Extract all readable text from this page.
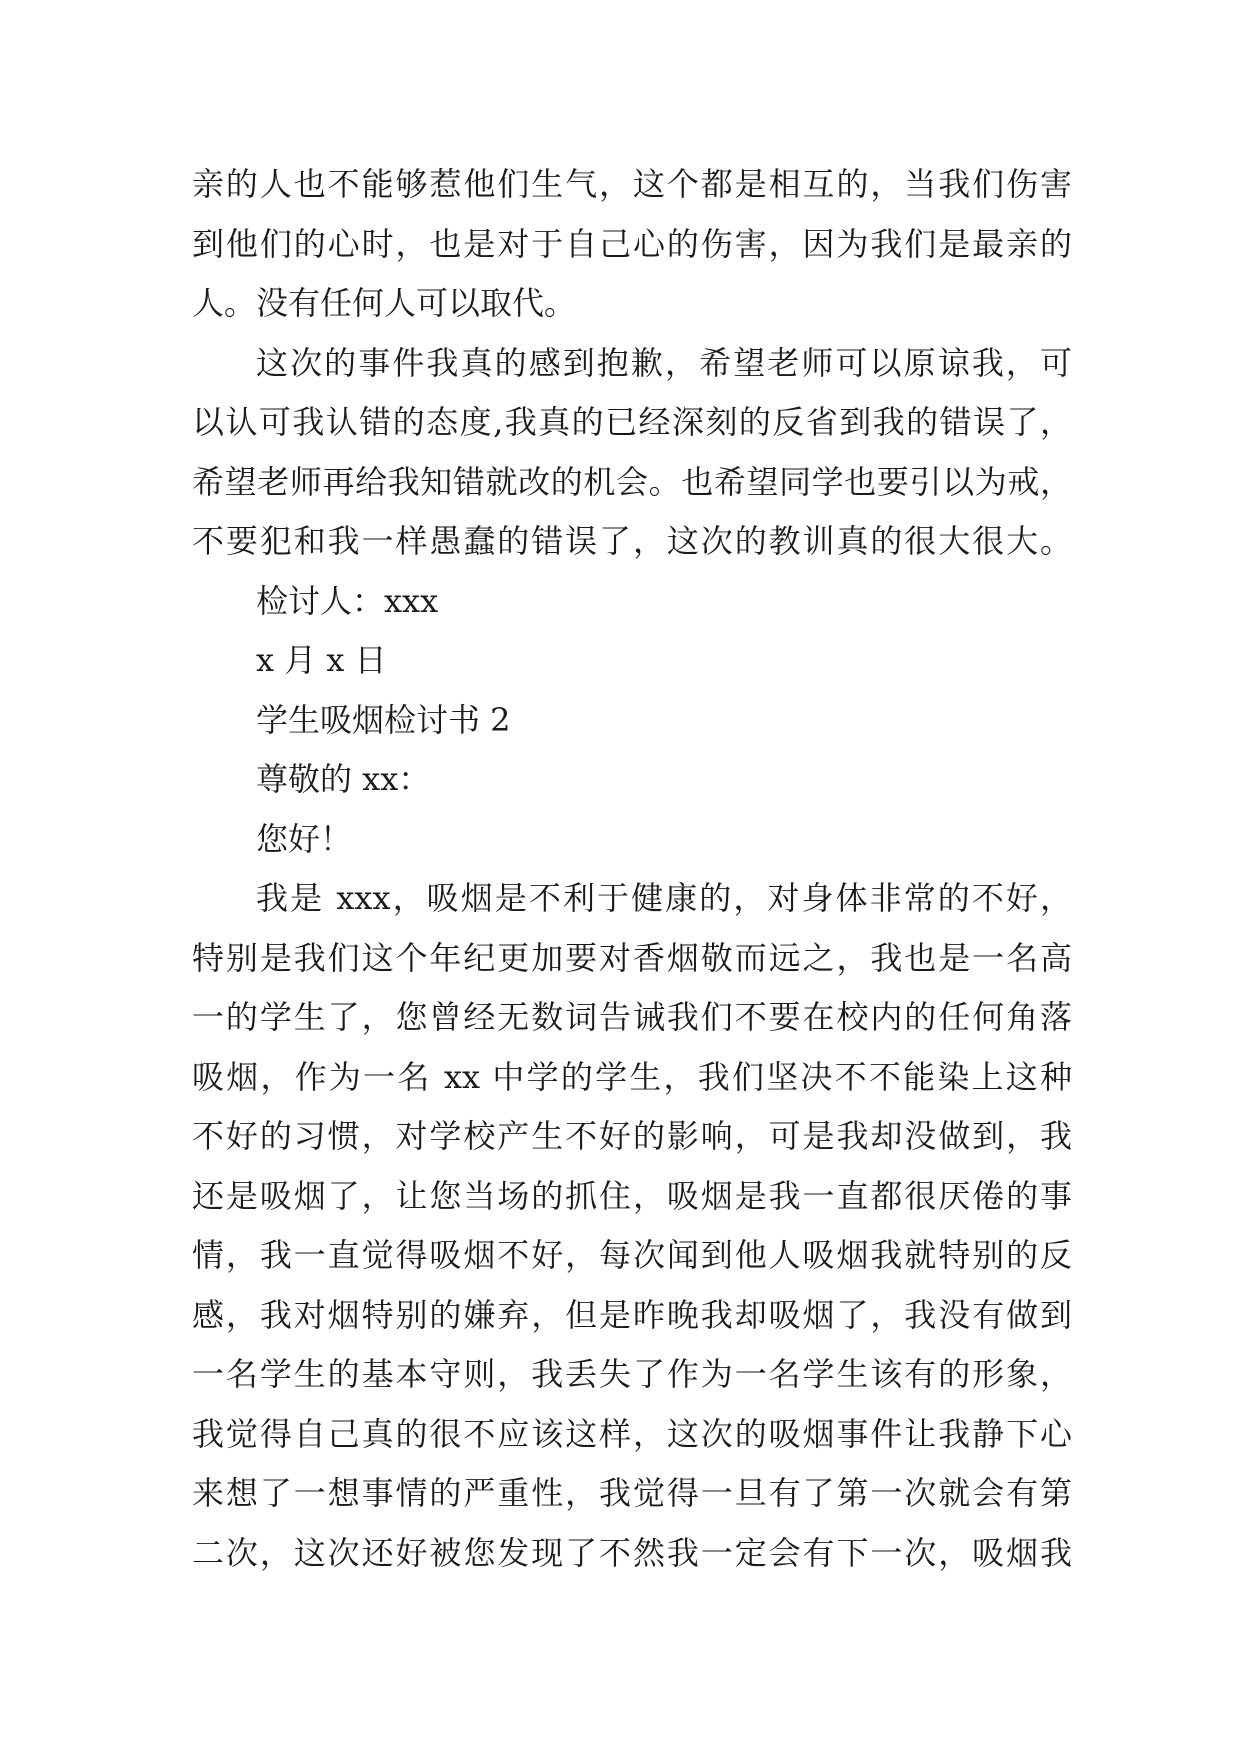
亲的人也不能够惹他们生气，这个都是相互的，当我们伤害
到他们的心时，也是对于自己心的伤害，因为我们是最亲的
人。没有任何人可以取代。
这次的事件我真的感到抱歉，希望老师可以原谅我，可
以认可我认错的态度,我真的已经深刻的反省到我的错误了，
希望老师再给我知错就改的机会。也希望同学也要引以为戒，
不要犯和我一样愚蠢的错误了，这次的教训真的很大很大。
检讨人：xxx
x 月 x 日
学生吸烟检讨书 2
尊敬的 xx：
您好！
我是 xxx，吸烟是不利于健康的，对身体非常的不好，
特别是我们这个年纪更加要对香烟敬而远之，我也是一名高
一的学生了，您曾经无数词告诫我们不要在校内的任何角落
吸烟，作为一名 xx 中学的学生，我们坚决不不能染上这种
不好的习惯，对学校产生不好的影响，可是我却没做到，我
还是吸烟了，让您当场的抓住，吸烟是我一直都很厌倦的事
情，我一直觉得吸烟不好，每次闻到他人吸烟我就特别的反
感，我对烟特别的嫌弃，但是昨晚我却吸烟了，我没有做到
一名学生的基本守则，我丢失了作为一名学生该有的形象，
我觉得自己真的很不应该这样，这次的吸烟事件让我静下心
来想了一想事情的严重性，我觉得一旦有了第一次就会有第
二次，这次还好被您发现了不然我一定会有下一次，吸烟我
